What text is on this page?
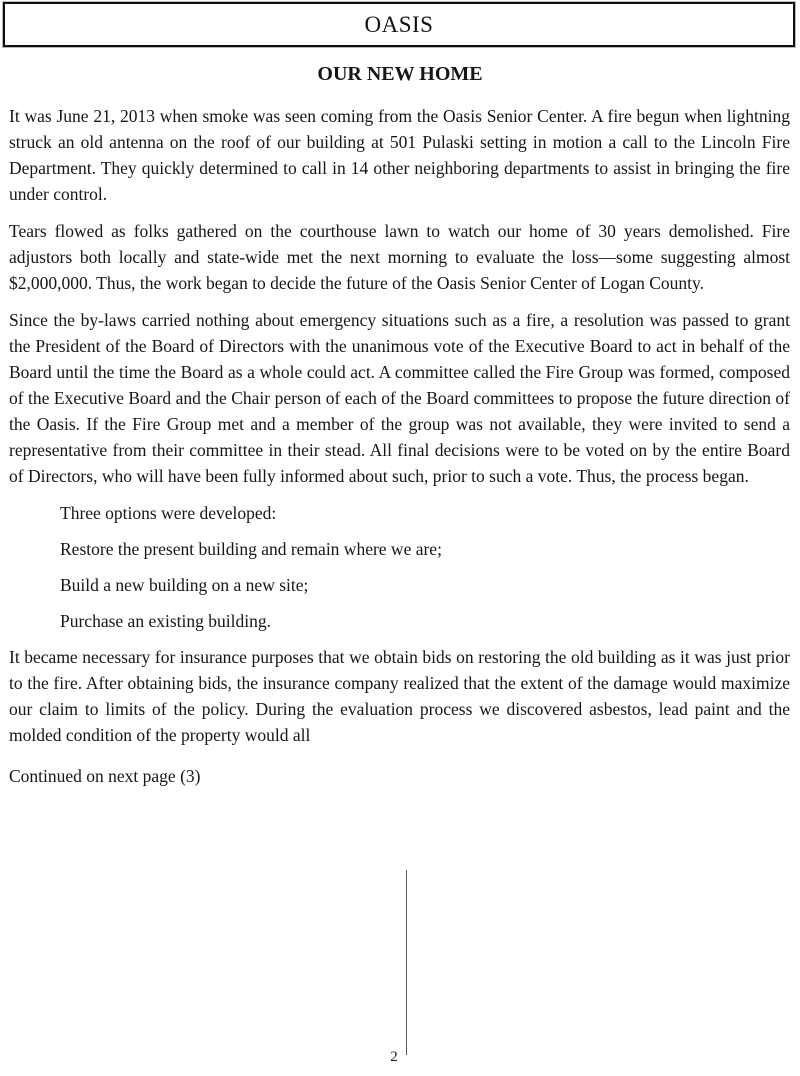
OASIS
OUR NEW HOME

It was June 21, 2013 when smoke was seen coming from the Oasis Senior Center. A fire begun when lightning struck an old antenna on the roof of our building at 501 Pulaski setting in motion a call to the Lincoln Fire Department. They quickly determined to call in 14 other neighboring departments to assist in bringing the fire under control.

Tears flowed as folks gathered on the courthouse lawn to watch our home of 30 years demolished. Fire adjustors both locally and state-wide met the next morning to evaluate the loss—some suggesting almost $2,000,000. Thus, the work began to decide the future of the Oasis Senior Center of Logan County.

Since the by-laws carried nothing about emergency situations such as a fire, a resolution was passed to grant the President of the Board of Directors with the unanimous vote of the Executive Board to act in behalf of the Board until the time the Board as a whole could act. A committee called the Fire Group was formed, composed of the Executive Board and the Chair person of each of the Board committees to propose the future direction of the Oasis. If the Fire Group met and a member of the group was not available, they were invited to send a representative from their committee in their stead. All final decisions were to be voted on by the entire Board of Directors, who will have been fully informed about such, prior to such a vote. Thus, the process began.

Three options were developed:

Restore the present building and remain where we are;

Build a new building on a new site;

Purchase an existing building.

It became necessary for insurance purposes that we obtain bids on restoring the old building as it was just prior to the fire. After obtaining bids, the insurance company realized that the extent of the damage would maximize our claim to limits of the policy. During the evaluation process we discovered asbestos, lead paint and the molded condition of the property would all

Continued on next page (3)

2
